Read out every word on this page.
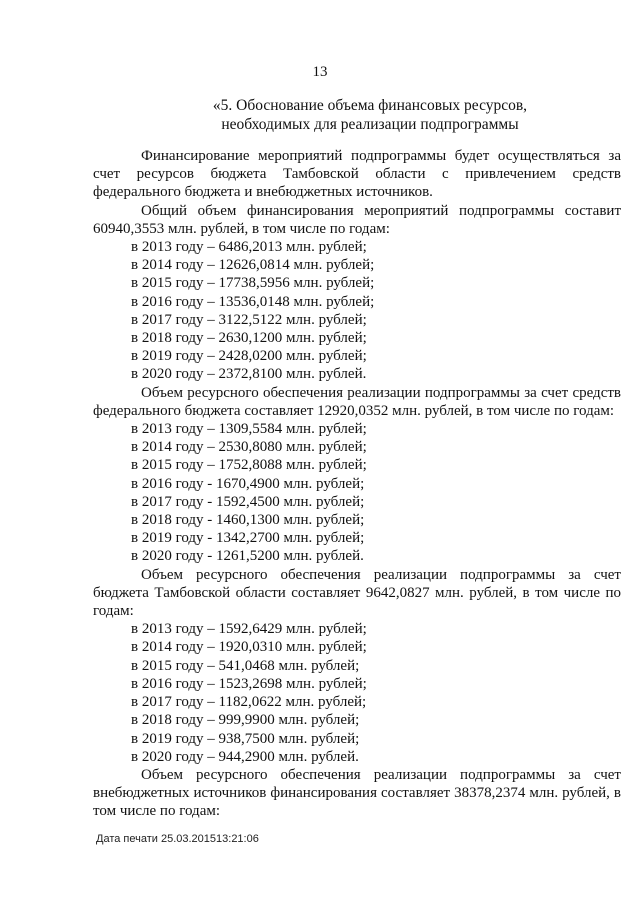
13
«5. Обоснование объема финансовых ресурсов,
необходимых для реализации подпрограммы

Финансирование мероприятий подпрограммы будет осуществляться за счет ресурсов бюджета Тамбовской области с привлечением средств федерального бюджета и внебюджетных источников.

Общий объем финансирования мероприятий подпрограммы составит 60940,3553 млн. рублей, в том числе по годам:

в 2013 году – 6486,2013 млн. рублей;

в 2014 году – 12626,0814 млн. рублей;

в 2015 году – 17738,5956 млн. рублей;

в 2016 году – 13536,0148 млн. рублей;

в 2017 году – 3122,5122 млн. рублей;

в 2018 году – 2630,1200 млн. рублей;

в 2019 году – 2428,0200 млн. рублей;

в 2020 году – 2372,8100 млн. рублей.

Объем ресурсного обеспечения реализации подпрограммы за счет средств федерального бюджета составляет 12920,0352 млн. рублей, в том числе по годам:

в 2013 году – 1309,5584 млн. рублей;

в 2014 году – 2530,8080 млн. рублей;

в 2015 году – 1752,8088 млн. рублей;

в 2016 году - 1670,4900 млн. рублей;

в 2017 году - 1592,4500 млн. рублей;

в 2018 году - 1460,1300 млн. рублей;

в 2019 году - 1342,2700 млн. рублей;

в 2020 году - 1261,5200 млн. рублей.

Объем ресурсного обеспечения реализации подпрограммы за счет бюджета Тамбовской области составляет 9642,0827 млн. рублей, в том числе по годам:

в 2013 году – 1592,6429 млн. рублей;

в 2014 году – 1920,0310 млн. рублей;

в 2015 году – 541,0468 млн. рублей;

в 2016 году – 1523,2698 млн. рублей;

в 2017 году – 1182,0622 млн. рублей;

в 2018 году – 999,9900 млн. рублей;

в 2019 году – 938,7500 млн. рублей;

в 2020 году – 944,2900 млн. рублей.

Объем ресурсного обеспечения реализации подпрограммы за счет внебюджетных источников финансирования составляет 38378,2374 млн. рублей, в том числе по годам:

Дата печати 25.03.201513:21:06
